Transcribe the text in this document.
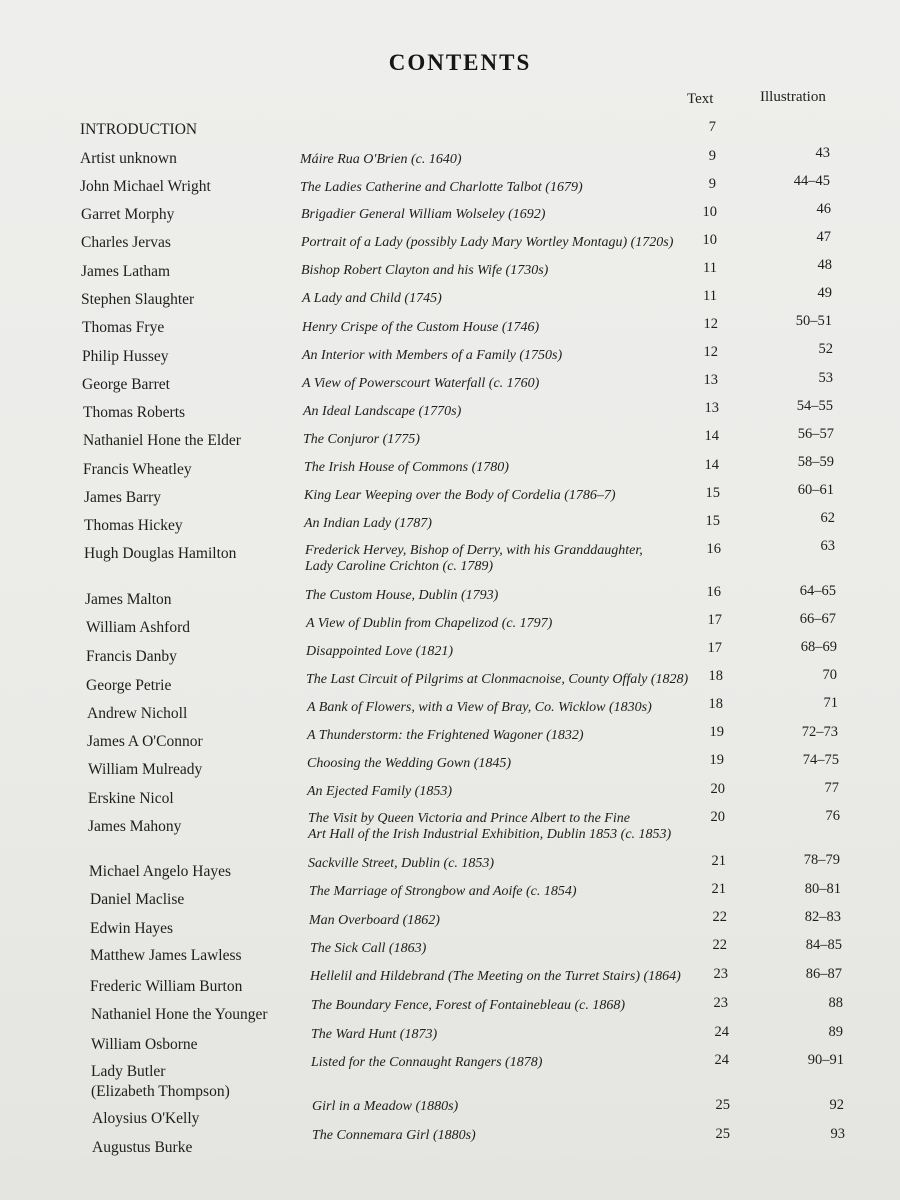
CONTENTS
Text	Illustration
INTRODUCTION	7
Artist unknown	Máire Rua O'Brien (c. 1640)	9	43
John Michael Wright	The Ladies Catherine and Charlotte Talbot (1679)	9	44–45
Garret Morphy	Brigadier General William Wolseley (1692)	10	46
Charles Jervas	Portrait of a Lady (possibly Lady Mary Wortley Montagu) (1720s)	10	47
James Latham	Bishop Robert Clayton and his Wife (1730s)	11	48
Stephen Slaughter	A Lady and Child (1745)	11	49
Thomas Frye	Henry Crispe of the Custom House (1746)	12	50–51
Philip Hussey	An Interior with Members of a Family (1750s)	12	52
George Barret	A View of Powerscourt Waterfall (c. 1760)	13	53
Thomas Roberts	An Ideal Landscape (1770s)	13	54–55
Nathaniel Hone the Elder	The Conjuror (1775)	14	56–57
Francis Wheatley	The Irish House of Commons (1780)	14	58–59
James Barry	King Lear Weeping over the Body of Cordelia (1786–7)	15	60–61
Thomas Hickey	An Indian Lady (1787)	15	62
Hugh Douglas Hamilton	Frederick Hervey, Bishop of Derry, with his Granddaughter,
Lady Caroline Crichton (c. 1789)
16	63
James Malton	The Custom House, Dublin (1793)	16	64–65
William Ashford	A View of Dublin from Chapelizod (c. 1797)	17	66–67
Francis Danby	Disappointed Love (1821)	17	68–69
George Petrie	The Last Circuit of Pilgrims at Clonmacnoise, County Offaly (1828)	18	70
Andrew Nicholl	A Bank of Flowers, with a View of Bray, Co. Wicklow (1830s)	18	71
James A O'Connor	A Thunderstorm: the Frightened Wagoner (1832)	19	72–73
William Mulready	Choosing the Wedding Gown (1845)	19	74–75
Erskine Nicol	An Ejected Family (1853)	20	77
James Mahony	The Visit by Queen Victoria and Prince Albert to the Fine
Art Hall of the Irish Industrial Exhibition, Dublin 1853 (c. 1853)
20	76
Michael Angelo Hayes	Sackville Street, Dublin (c. 1853)	21	78–79
Daniel Maclise	The Marriage of Strongbow and Aoife (c. 1854)	21	80–81
Edwin Hayes	Man Overboard (1862)	22	82–83
Matthew James Lawless	The Sick Call (1863)	22	84–85
Frederic William Burton
Hellelil and Hildebrand (The Meeting on the Turret Stairs) (1864)	23	86–87
Nathaniel Hone the Younger
The Boundary Fence, Forest of Fontainebleau (c. 1868)	23	88
William Osborne
The Ward Hunt (1873)	24	89
Lady Butler
(Elizabeth Thompson)
Listed for the Connaught Rangers (1878)	24	90–91
Aloysius O'Kelly
Girl in a Meadow (1880s)	25	92
Augustus Burke
The Connemara Girl (1880s)	25	93
